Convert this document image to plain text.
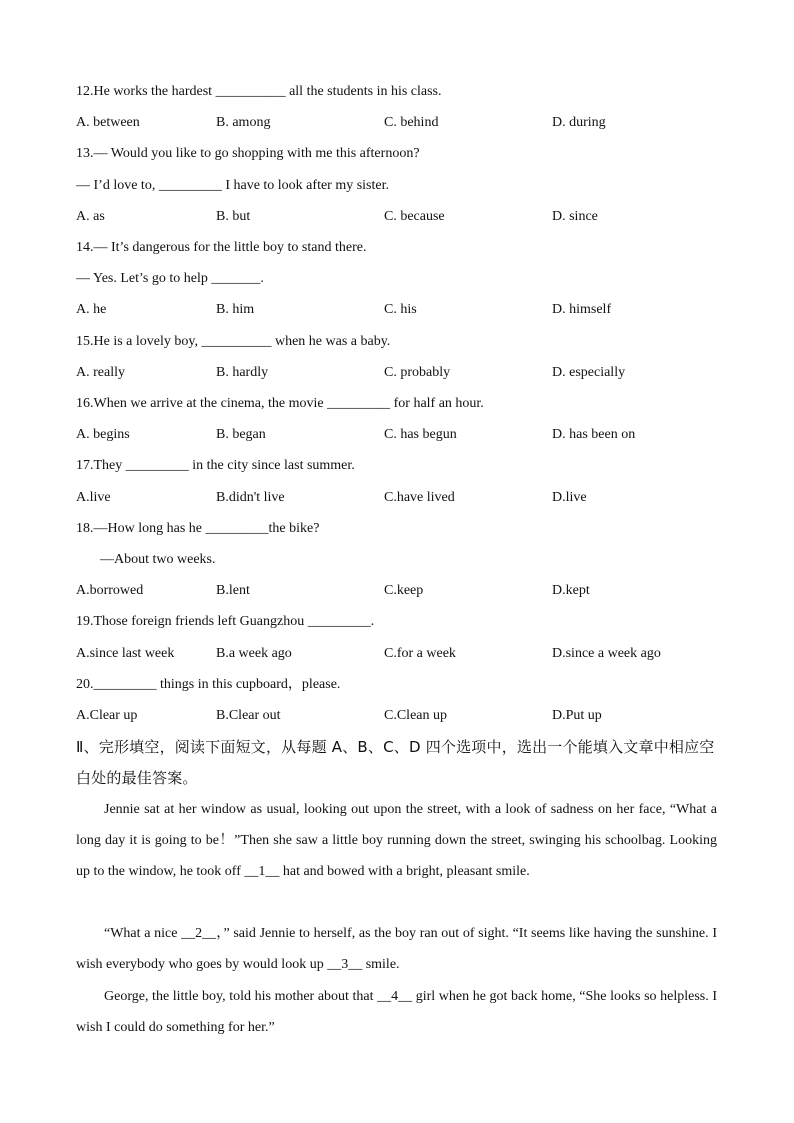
12.He works the hardest __________ all the students in his class.
A. between	B. among	C. behind	D. during
13.— Would you like to go shopping with me this afternoon?
— I’d love to, _________ I have to look after my sister.
A. as	B. but	C. because	D. since
14.— It’s dangerous for the little boy to stand there.
— Yes. Let’s go to help _______.
A. he	B. him	C. his	D. himself
15.He is a lovely boy, __________ when he was a baby.
A. really	B. hardly	C. probably	D. especially
16.When we arrive at the cinema, the movie _________ for half an hour.
A. begins	B. began	C. has begun	D. has been on
17.They _________ in the city since last summer.
A.live	B.didn't live	C.have lived	D.live
18.—How long has he _________the bike?
—About two weeks.
A.borrowed	B.lent	C.keep	D.kept
19.Those foreign friends left Guangzhou _________.
A.since last week	B.a week ago	C.for a week	D.since a week ago
20._________ things in this cupboard，please.
A.Clear up	B.Clear out	C.Clean up	D.Put up
Ⅱ、完形填空，阅读下面短文，从每题 A、B、C、D 四个选项中，选出一个能填入文章中相应空白处的最佳答案。
Jennie sat at her window as usual, looking out upon the street, with a look of sadness on her face, “What a long day it is going to be！”Then she saw a little boy running down the street, swinging his schoolbag. Looking up to the window, he took off __1__ hat and bowed with a bright, pleasant smile.
“What a nice __2__，” said Jennie to herself, as the boy ran out of sight. “It seems like having the sunshine. I wish everybody who goes by would look up __3__ smile.
George, the little boy, told his mother about that __4__ girl when he got back home, “She looks so helpless. I wish I could do something for her.”
